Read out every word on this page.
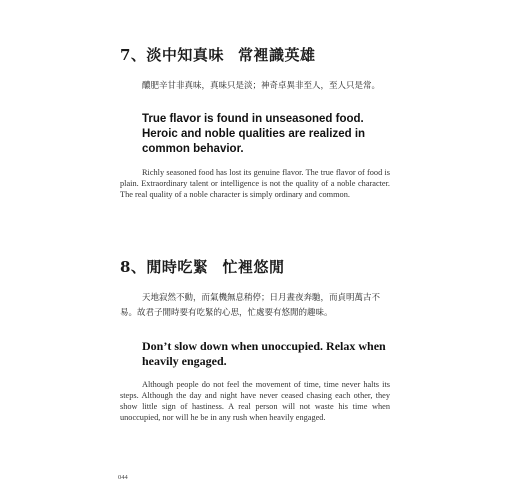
7、淡中知真味 常裡識英雄

醲肥辛甘非真味，真味只是淡；神奇卓異非至人，至人只是常。

True flavor is found in unseasoned food. Heroic and noble qualities are realized in common behavior.

Richly seasoned food has lost its genuine flavor. The true flavor of food is plain. Extraordinary talent or intelligence is not the quality of a noble character. The real quality of a noble character is simply ordinary and common.

8、閒時吃緊 忙裡悠閒

天地寂然不動，而氣機無息稍停；日月晝夜奔馳，而貞明萬古不易。故君子閒時要有吃緊的心思，忙處要有悠閒的趣味。

Don’t slow down when unoccupied. Relax when heavily engaged.

Although people do not feel the movement of time, time never halts its steps. Although the day and night have never ceased chasing each other, they show little sign of hastiness. A real person will not waste his time when unoccupied, nor will he be in any rush when heavily engaged.

044
